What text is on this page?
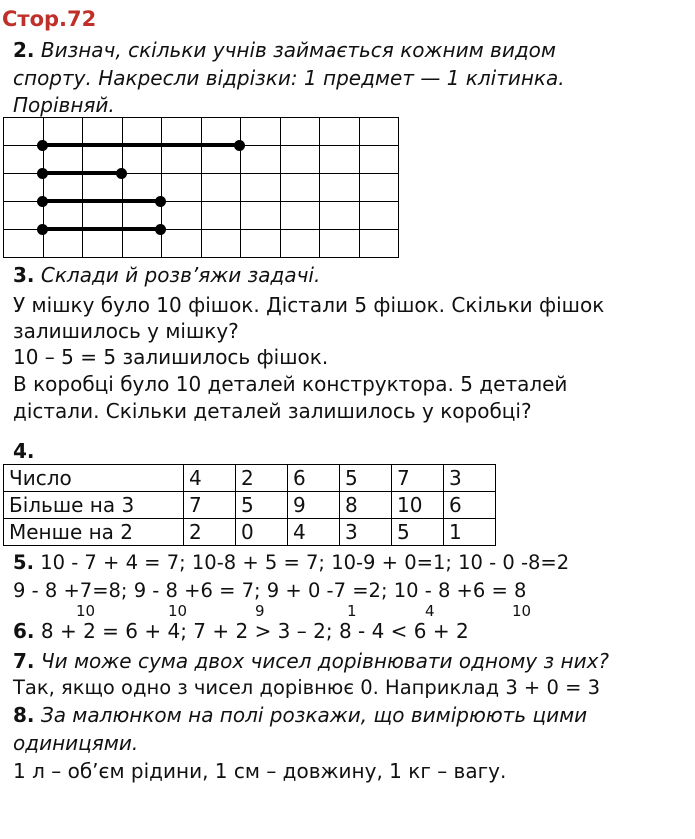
Стор.72
2. Визнач, скільки учнів займається кожним видом
спорту. Накресли відрізки: 1 предмет — 1 клітинка.
Порівняй.
3. Склади й розв’яжи задачі.
У мішку було 10 фішок. Дістали 5 фішок. Скільки фішок
залишилось у мішку?
10 – 5 = 5 залишилось фішок.
В коробці було 10 деталей конструктора. 5 деталей
дістали. Скільки деталей залишилось у коробці?
4.
Число	4	2	6	5	7	3
Більше на 3	7	5	9	8	10	6
Менше на 2	2	0	4	3	5	1
5. 10 - 7 + 4 = 7; 10-8 + 5 = 7; 10-9 + 0=1; 10 - 0 -8=2
9 - 8 +7=8; 9 - 8 +6 = 7; 9 + 0 -7 =2; 10 - 8 +6 = 8
10	10	9	1	4	10
6. 8 + 2 = 6 + 4; 7 + 2 > 3 – 2; 8 - 4 < 6 + 2
7. Чи може сума двох чисел дорівнювати одному з них?
Так, якщо одно з чисел дорівнює 0. Наприклад 3 + 0 = 3
8. За малюнком на полі розкажи, що вимірюють цими
одиницями.
1 л – об’єм рідини, 1 см – довжину, 1 кг – вагу.
